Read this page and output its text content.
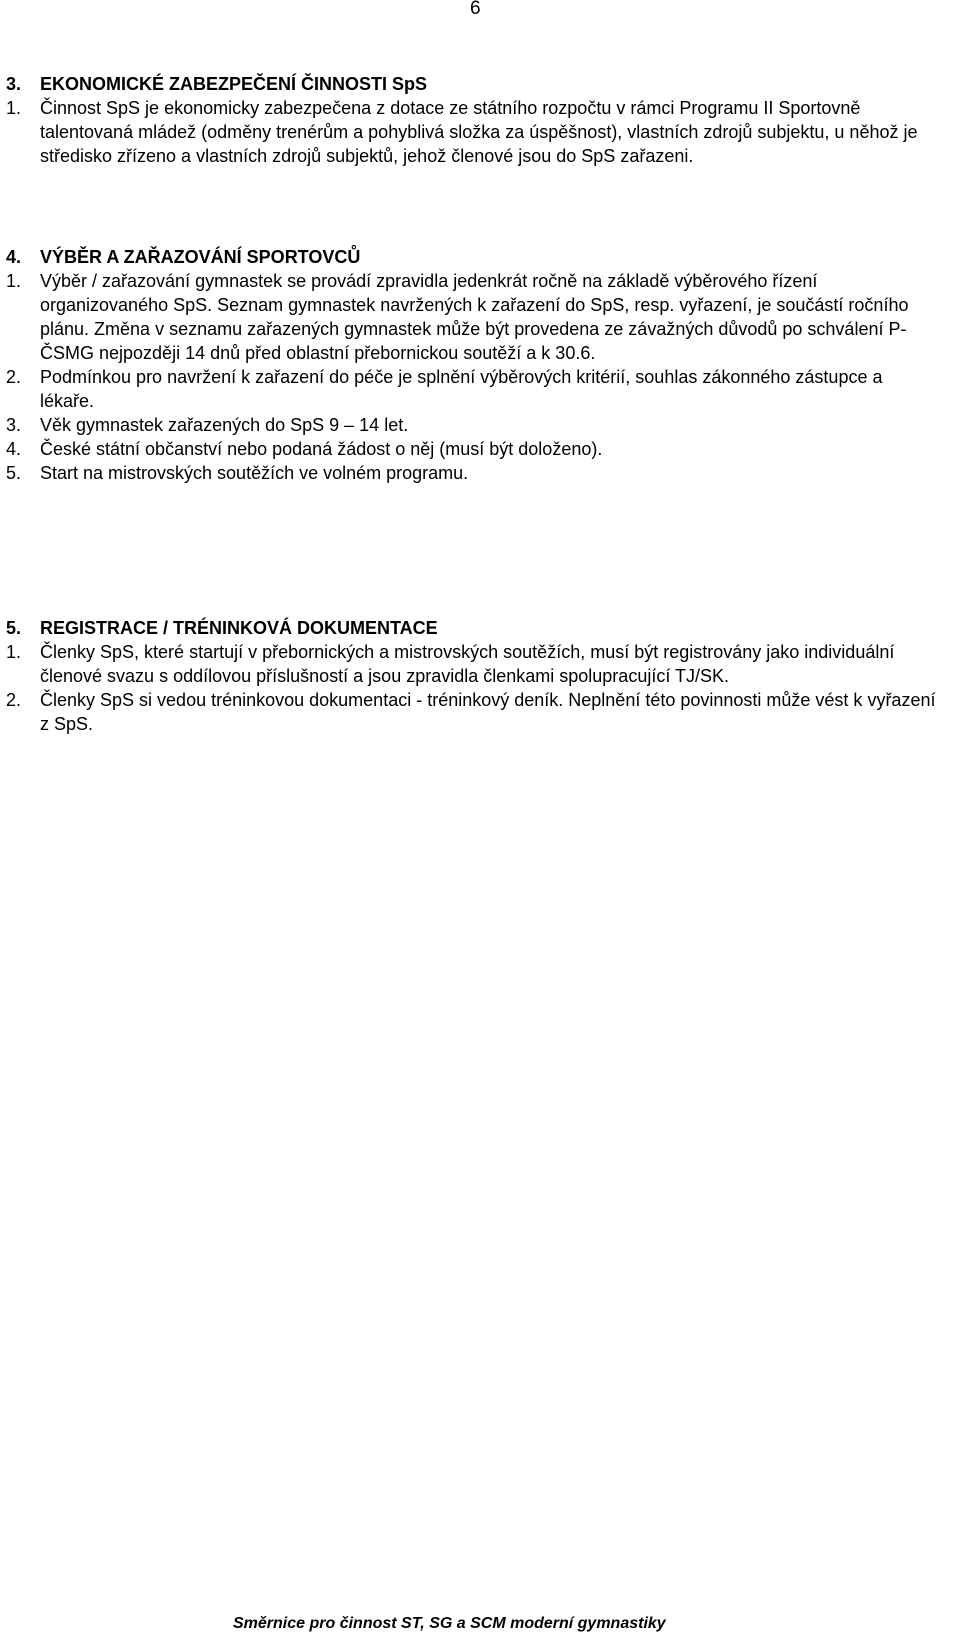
6
3.	EKONOMICKÉ ZABEZPEČENÍ ČINNOSTI SpS
1.	Činnost SpS je ekonomicky zabezpečena z dotace ze státního rozpočtu v rámci Programu II Sportovně talentovaná mládež (odměny trenérům a pohyblivá složka za úspěšnost), vlastních zdrojů subjektu, u něhož je středisko zřízeno a vlastních zdrojů subjektů, jehož členové jsou do SpS zařazeni.
4.	VÝBĚR A ZAŘAZOVÁNÍ SPORTOVCŮ
1.	Výběr / zařazování gymnastek se provádí zpravidla jedenkrát ročně na základě výběrového řízení organizovaného SpS. Seznam gymnastek navržených k zařazení do SpS, resp. vyřazení, je součástí ročního plánu. Změna v seznamu zařazených gymnastek může být provedena ze závažných důvodů po schválení P-ČSMG nejpozději 14 dnů před oblastní přebornickou soutěží a k 30.6.
2.	Podmínkou pro navržení k zařazení do péče je splnění výběrových kritérií, souhlas zákonného zástupce a lékaře.
3.	Věk gymnastek zařazených do SpS 9 – 14 let.
4.	České státní občanství nebo podaná žádost o něj (musí být doloženo).
5.	Start na mistrovských soutěžích ve volném programu.
5.	REGISTRACE / TRÉNINKOVÁ DOKUMENTACE
1.	Členky SpS, které startují v přebornických a mistrovských soutěžích, musí být registrovány jako individuální členové svazu s oddílovou příslušností a jsou zpravidla členkami spolupracující TJ/SK.
2.	Členky SpS si vedou tréninkovou dokumentaci - tréninkový deník. Neplnění této povinnosti může vést k vyřazení z SpS.
Směrnice pro činnost ST, SG a SCM moderní gymnastiky
